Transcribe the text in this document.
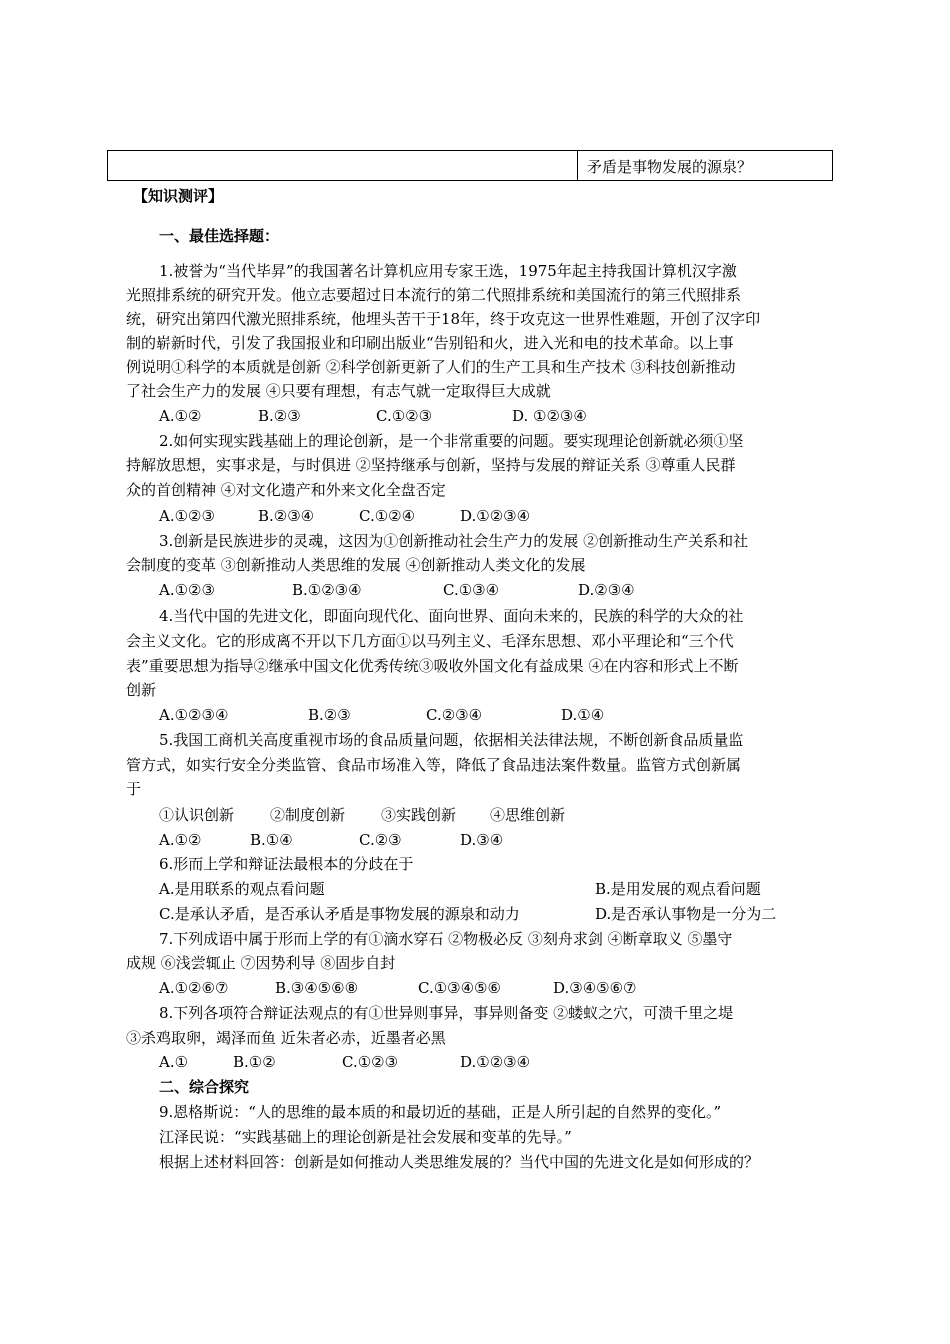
矛盾是事物发展的源泉？
【知识测评】
一、最佳选择题：
1.被誉为“当代毕昇”的我国著名计算机应用专家王选，1975年起主持我国计算机汉字激
光照排系统的研究开发。他立志要超过日本流行的第二代照排系统和美国流行的第三代照排系
统，研究出第四代激光照排系统，他埋头苦干于18年，终于攻克这一世界性难题，开创了汉字印
制的崭新时代，引发了我国报业和印刷出版业“告别铅和火，进入光和电的技术革命。以上事
例说明①科学的本质就是创新 ②科学创新更新了人们的生产工具和生产技术 ③科技创新推动
了社会生产力的发展 ④只要有理想，有志气就一定取得巨大成就
A.①②	B.②③	C.①②③	D. ①②③④
2.如何实现实践基础上的理论创新，是一个非常重要的问题。要实现理论创新就必须①坚
持解放思想，实事求是，与时俱进 ②坚持继承与创新，坚持与发展的辩证关系 ③尊重人民群
众的首创精神 ④对文化遗产和外来文化全盘否定
A.①②③	B.②③④	C.①②④	D.①②③④
3.创新是民族进步的灵魂，这因为①创新推动社会生产力的发展 ②创新推动生产关系和社
会制度的变革 ③创新推动人类思维的发展 ④创新推动人类文化的发展
A.①②③	B.①②③④	C.①③④	D.②③④
4.当代中国的先进文化，即面向现代化、面向世界、面向未来的，民族的科学的大众的社
会主义文化。它的形成离不开以下几方面①以马列主义、毛泽东思想、邓小平理论和“三个代
表”重要思想为指导②继承中国文化优秀传统③吸收外国文化有益成果 ④在内容和形式上不断
创新
A.①②③④	B.②③	C.②③④	D.①④
5.我国工商机关高度重视市场的食品质量问题，依据相关法律法规，不断创新食品质量监
管方式，如实行安全分类监管、食品市场准入等，降低了食品违法案件数量。监管方式创新属
于
①认识创新 ②制度创新 ③实践创新 ④思维创新
A.①②	B.①④	C.②③	D.③④
6.形而上学和辩证法最根本的分歧在于
A.是用联系的观点看问题	B.是用发展的观点看问题
C.是承认矛盾，是否承认矛盾是事物发展的源泉和动力	D.是否承认事物是一分为二
7.下列成语中属于形而上学的有①滴水穿石 ②物极必反 ③刻舟求剑 ④断章取义 ⑤墨守
成规 ⑥浅尝辄止 ⑦因势利导 ⑧固步自封
A.①②⑥⑦	B.③④⑤⑥⑧	C.①③④⑤⑥	D.③④⑤⑥⑦
8.下列各项符合辩证法观点的有①世异则事异，事异则备变 ②蝼蚁之穴，可溃千里之堤
③杀鸡取卵，竭泽而鱼 近朱者必赤，近墨者必黑
A.①	B.①②	C.①②③	D.①②③④
二、综合探究
9.恩格斯说：“人的思维的最本质的和最切近的基础，正是人所引起的自然界的变化。”
江泽民说：“实践基础上的理论创新是社会发展和变革的先导。”
根据上述材料回答：创新是如何推动人类思维发展的？当代中国的先进文化是如何形成的？
